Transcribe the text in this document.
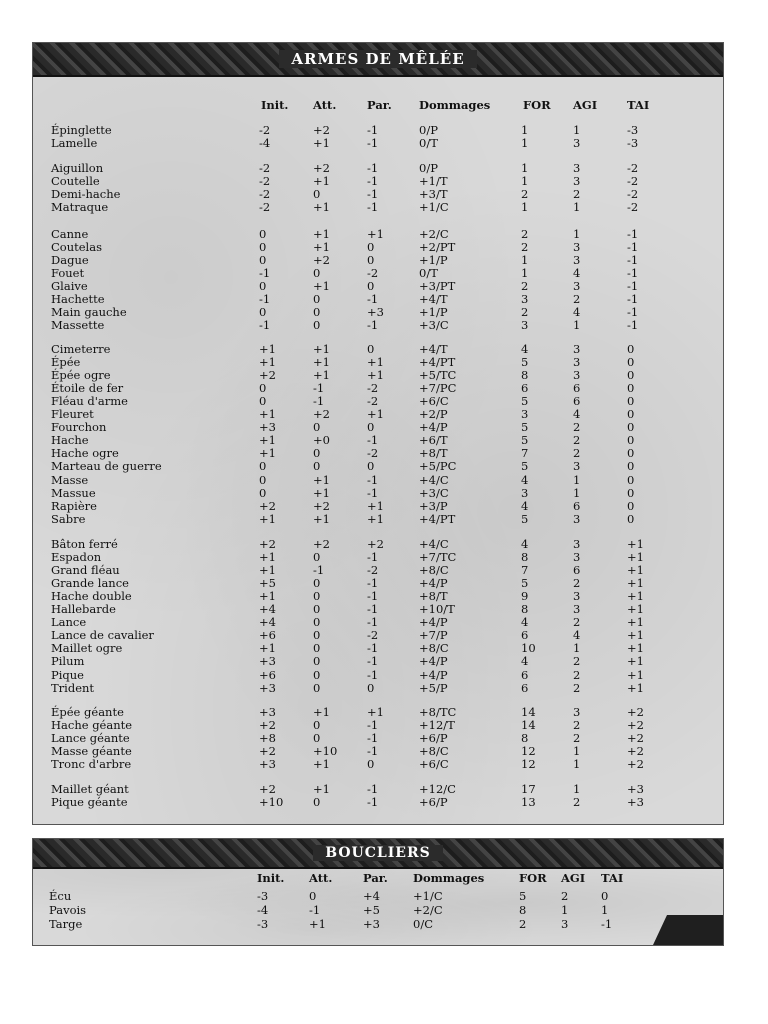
ARMES DE MÊLÉE
Init. Att.	Par. Dommages	FOR AGI	TAI
Épinglette	-2	+2	-1	0/P	1	1	-3
Lamelle	-4	+1	-1	0/T	1	3	-3
Aiguillon	-2	+2	-1	0/P	1	3	-2
Coutelle	-2	+1	-1	+1/T	1	3	-2
Demi-hache	-2	0	-1	+3/T	2	2	-2
Matraque	-2	+1	-1	+1/C	1	1	-2
Canne	0	+1	+1	+2/C	2	1	-1
Coutelas	0	+1	0	+2/PT	2	3	-1
Dague	0	+2	0	+1/P	1	3	-1
Fouet	-1	0	-2	0/T	1	4	-1
Glaive	0	+1	0	+3/PT	2	3	-1
Hachette	-1	0	-1	+4/T	3	2	-1
Main gauche	0	0	+3	+1/P	2	4	-1
Massette	-1	0	-1	+3/C	3	1	-1
Cimeterre	+1	+1	0	+4/T	4	3	0
Épée	+1	+1	+1	+4/PT	5	3	0
Épée ogre	+2	+1	+1	+5/TC	8	3	0
Étoile de fer	0	-1	-2	+7/PC	6	6	0
Fléau d'arme	0	-1	-2	+6/C	5	6	0
Fleuret	+1	+2	+1	+2/P	3	4	0
Fourchon	+3	0	0	+4/P	5	2	0
Hache	+1	+0	-1	+6/T	5	2	0
Hache ogre	+1	0	-2	+8/T	7	2	0
Marteau de guerre	0	0	0	+5/PC	5	3	0
Masse	0	+1	-1	+4/C	4	1	0
Massue	0	+1	-1	+3/C	3	1	0
Rapière	+2	+2	+1	+3/P	4	6	0
Sabre	+1	+1	+1	+4/PT	5	3	0
Bâton ferré	+2	+2	+2	+4/C	4	3	+1
Espadon	+1	0	-1	+7/TC	8	3	+1
Grand fléau	+1	-1	-2	+8/C	7	6	+1
Grande lance	+5	0	-1	+4/P	5	2	+1
Hache double	+1	0	-1	+8/T	9	3	+1
Hallebarde	+4	0	-1	+10/T	8	3	+1
Lance	+4	0	-1	+4/P	4	2	+1
Lance de cavalier	+6	0	-2	+7/P	6	4	+1
Maillet ogre	+1	0	-1	+8/C	10	1	+1
Pilum	+3	0	-1	+4/P	4	2	+1
Pique	+6	0	-1	+4/P	6	2	+1
Trident	+3	0	0	+5/P	6	2	+1
Épée géante	+3	+1	+1	+8/TC	14	3	+2
Hache géante	+2	0	-1	+12/T	14	2	+2
Lance géante	+8	0	-1	+6/P	8	2	+2
Masse géante	+2	+10	-1	+8/C	12	1	+2
Tronc d'arbre	+3	+1	0	+6/C	12	1	+2
Maillet géant	+2	+1	-1	+12/C	17	1	+3
Pique géante	+10	0	-1	+6/P	13	2	+3
BOUCLIERS
Init. Att.	Par. Dommages	FOR AGI TAI
Écu	-3	0	+4	+1/C	5	2	0
Pavois	-4	-1	+5	+2/C	8	1	1
Targe	-3	+1	+3	0/C	2	3	-1
